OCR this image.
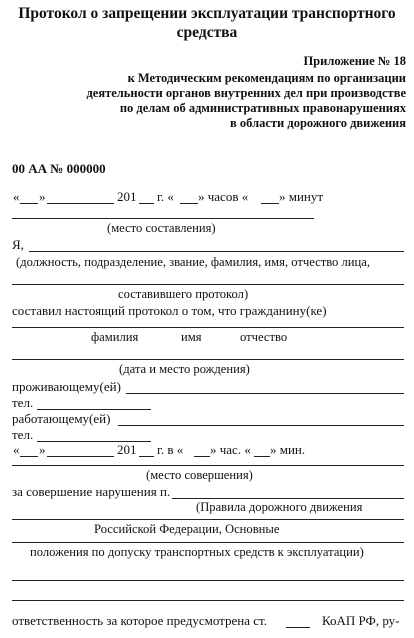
Протокол о запрещении эксплуатации транспортного
средства
Приложение № 18
к Методическим рекомендациям по организации
деятельности органов внутренних дел при производстве
по делам об административных правонарушениях
в области дорожного движения
00 АА № 000000
« »	201 г. « » часов « » минут
(место составления)
Я,
(должность, подразделение, звание, фамилия, имя, отчество лица,
составившего протокол)
составил настоящий протокол о том, что гражданину(ке)
фамилия	имя	отчество
(дата и место рождения)
проживающему(ей)
тел.
работающему(ей)
тел.
« »	201 г. в « » час. « » мин.
(место совершения)
за совершение нарушения п.
(Правила дорожного движения
Российской Федерации, Основные
положения по допуску транспортных средств к эксплуатации)
ответственность за которое предусмотрена ст.	КоАП РФ, ру-
